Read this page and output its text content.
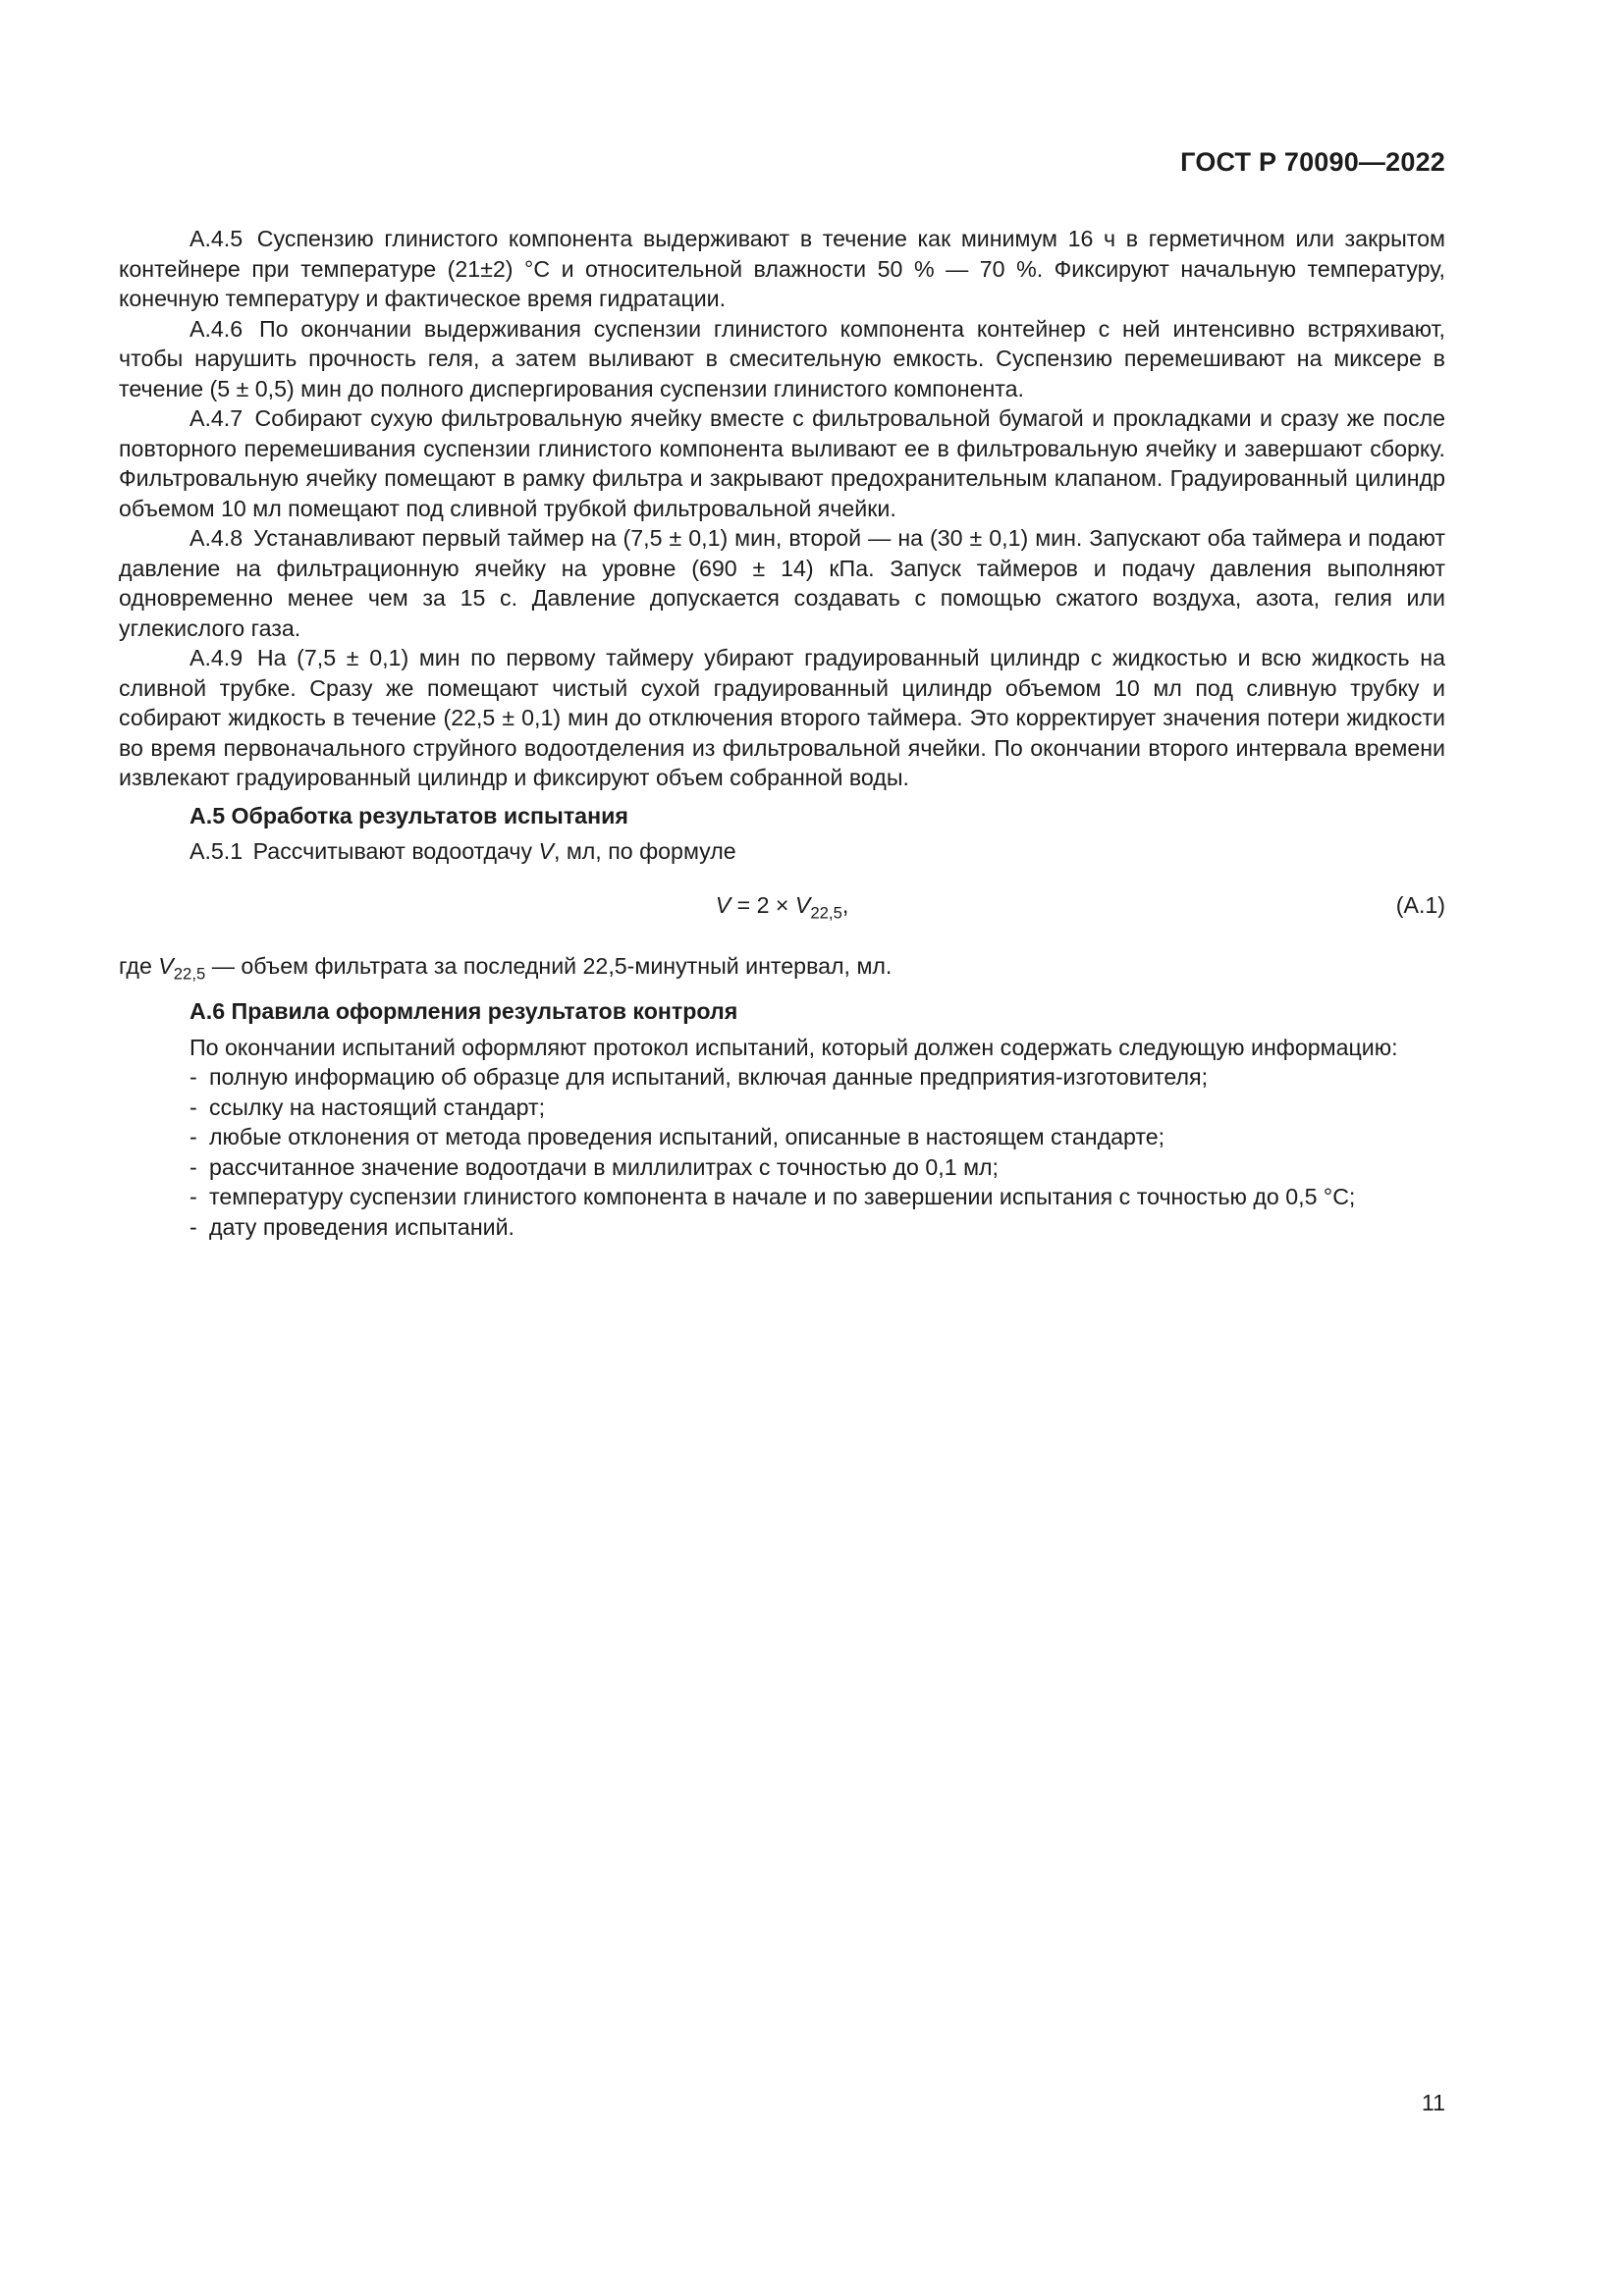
ГОСТ Р 70090—2022

А.4.5 Суспензию глинистого компонента выдерживают в течение как минимум 16 ч в герметичном или закрытом контейнере при температуре (21±2) °С и относительной влажности 50 % — 70 %. Фиксируют начальную температуру, конечную температуру и фактическое время гидратации.

А.4.6 По окончании выдерживания суспензии глинистого компонента контейнер с ней интенсивно встряхивают, чтобы нарушить прочность геля, а затем выливают в смесительную емкость. Суспензию перемешивают на миксере в течение (5 ± 0,5) мин до полного диспергирования суспензии глинистого компонента.

А.4.7 Собирают сухую фильтровальную ячейку вместе с фильтровальной бумагой и прокладками и сразу же после повторного перемешивания суспензии глинистого компонента выливают ее в фильтровальную ячейку и завершают сборку. Фильтровальную ячейку помещают в рамку фильтра и закрывают предохранительным клапаном. Градуированный цилиндр объемом 10 мл помещают под сливной трубкой фильтровальной ячейки.

А.4.8 Устанавливают первый таймер на (7,5 ± 0,1) мин, второй — на (30 ± 0,1) мин. Запускают оба таймера и подают давление на фильтрационную ячейку на уровне (690 ± 14) кПа. Запуск таймеров и подачу давления выполняют одновременно менее чем за 15 с. Давление допускается создавать с помощью сжатого воздуха, азота, гелия или углекислого газа.

А.4.9 На (7,5 ± 0,1) мин по первому таймеру убирают градуированный цилиндр с жидкостью и всю жидкость на сливной трубке. Сразу же помещают чистый сухой градуированный цилиндр объемом 10 мл под сливную трубку и собирают жидкость в течение (22,5 ± 0,1) мин до отключения второго таймера. Это корректирует значения потери жидкости во время первоначального струйного водоотделения из фильтровальной ячейки. По окончании второго интервала времени извлекают градуированный цилиндр и фиксируют объем собранной воды.

А.5 Обработка результатов испытания

А.5.1 Рассчитывают водоотдачу V, мл, по формуле

$V = 2 \times V_{22,5}$,	(А.1)

где $V_{22,5}$ — объем фильтрата за последний 22,5-минутный интервал, мл.

А.6 Правила оформления результатов контроля

По окончании испытаний оформляют протокол испытаний, который должен содержать следующую информацию:

- полную информацию об образце для испытаний, включая данные предприятия-изготовителя;
- ссылку на настоящий стандарт;
- любые отклонения от метода проведения испытаний, описанные в настоящем стандарте;
- рассчитанное значение водоотдачи в миллилитрах с точностью до 0,1 мл;
- температуру суспензии глинистого компонента в начале и по завершении испытания с точностью до 0,5 °С;
- дату проведения испытаний.
11
